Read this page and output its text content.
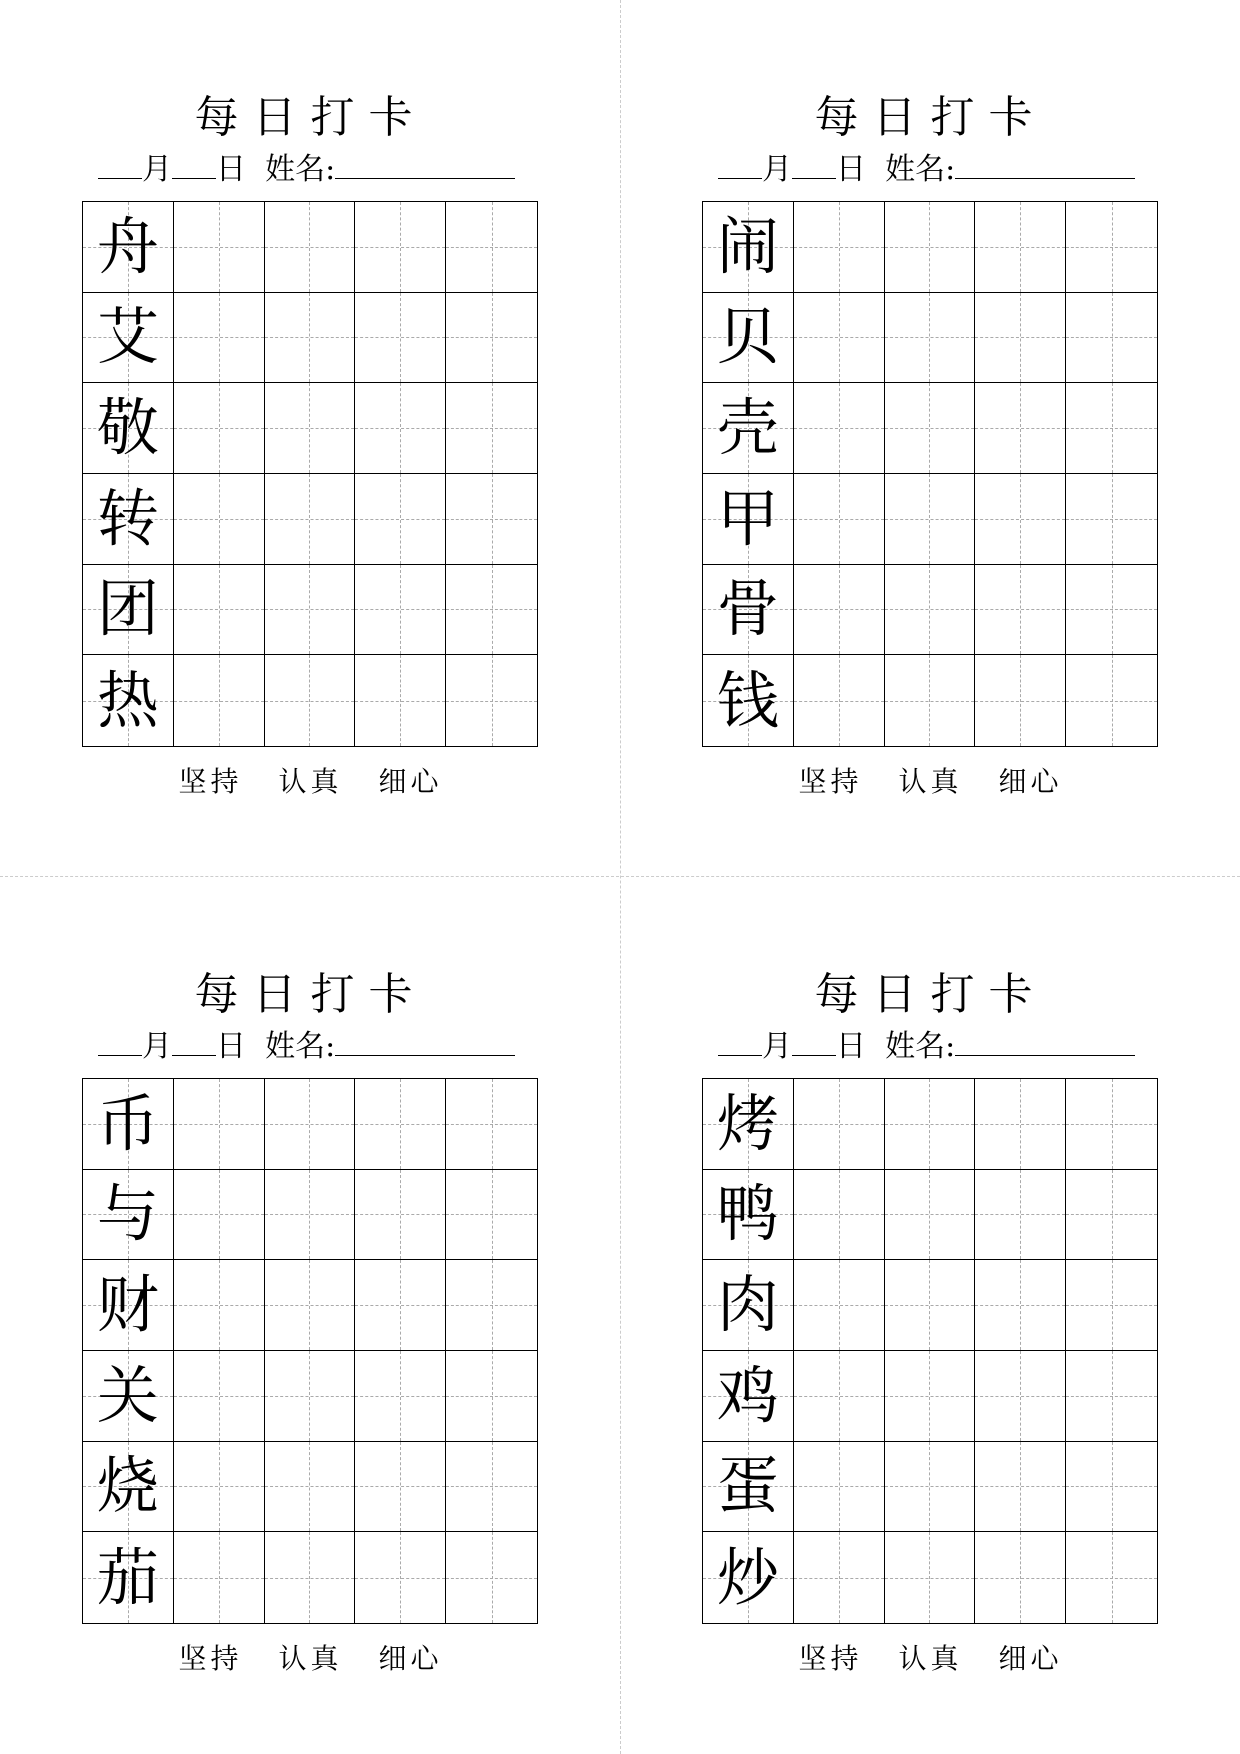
每日打卡
月 日 姓名:
舟
艾
敬
转
团
热
坚持 认真 细心
每日打卡
月 日 姓名:
闹
贝
壳
甲
骨
钱
坚持 认真 细心
每日打卡
月 日 姓名:
币
与
财
关
烧
茄
坚持 认真 细心
每日打卡
月 日 姓名:
烤
鸭
肉
鸡
蛋
炒
坚持 认真 细心
